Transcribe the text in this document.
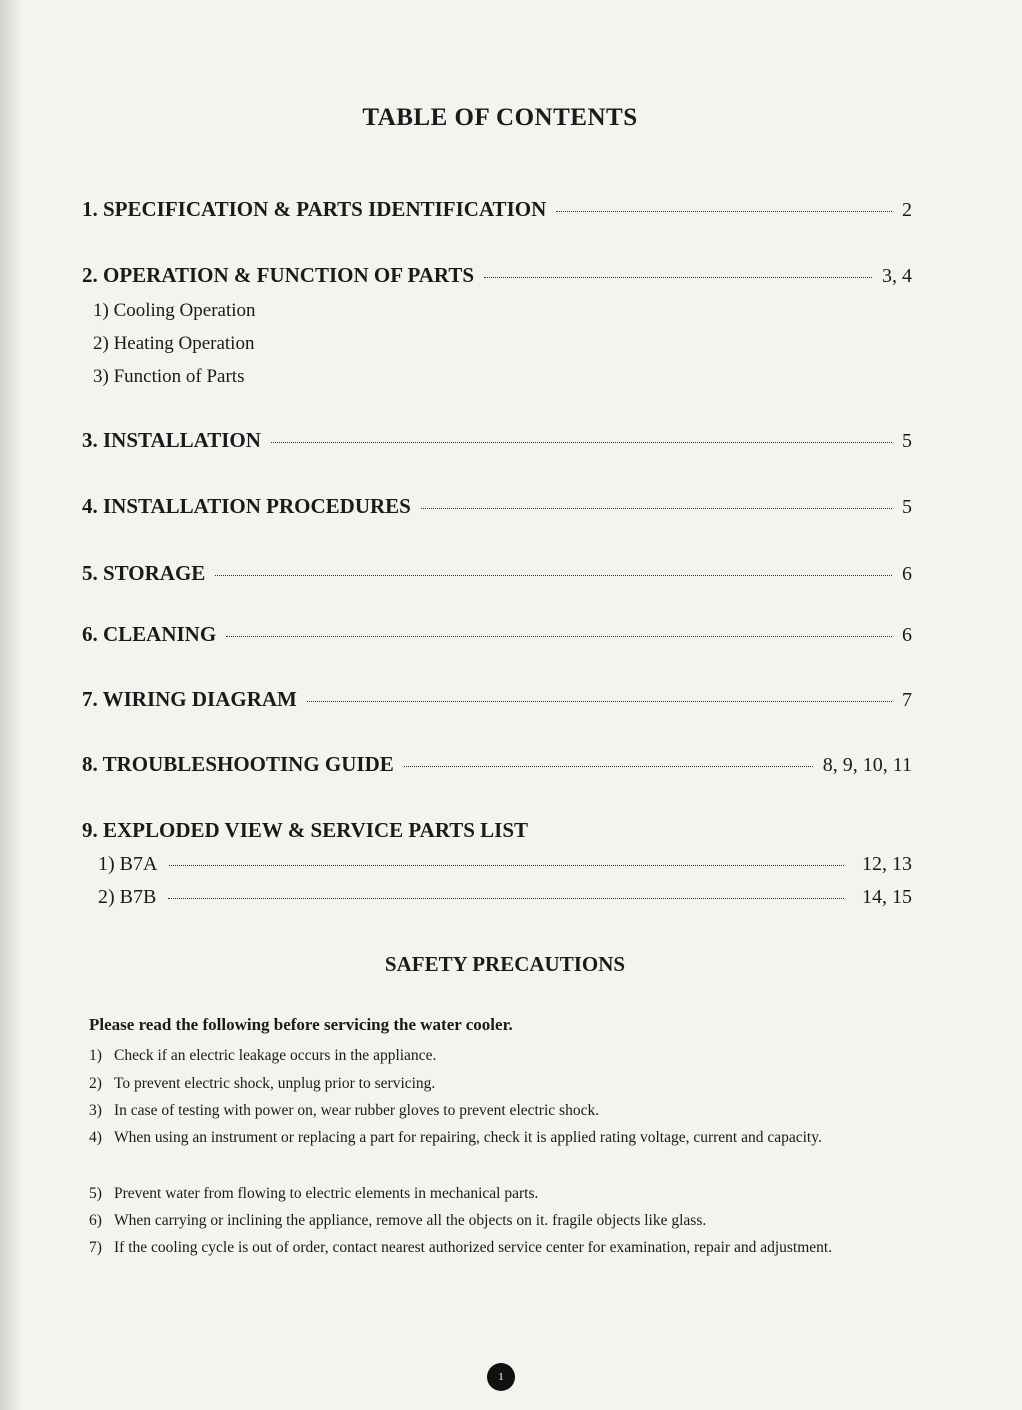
TABLE OF CONTENTS
1. SPECIFICATION & PARTS IDENTIFICATION	2
2. OPERATION & FUNCTION OF PARTS	3, 4
1) Cooling Operation
2) Heating Operation
3) Function of Parts
3. INSTALLATION	5
4. INSTALLATION PROCEDURES	5
5. STORAGE	6
6. CLEANING	6
7. WIRING DIAGRAM	7
8. TROUBLESHOOTING GUIDE	8, 9, 10, 11
9. EXPLODED VIEW & SERVICE PARTS LIST
1) B7A	12, 13
2) B7B	14, 15
SAFETY PRECAUTIONS
Please read the following before servicing the water cooler.
1) Check if an electric leakage occurs in the appliance.
2) To prevent electric shock, unplug prior to servicing.
3) In case of testing with power on, wear rubber gloves to prevent electric shock.
4) When using an instrument or replacing a part for repairing, check it is applied rating voltage, current and capacity.
5) Prevent water from flowing to electric elements in mechanical parts.
6) When carrying or inclining the appliance, remove all the objects on it. fragile objects like glass.
7) If the cooling cycle is out of order, contact nearest authorized service center for examination, repair and adjustment.
1
